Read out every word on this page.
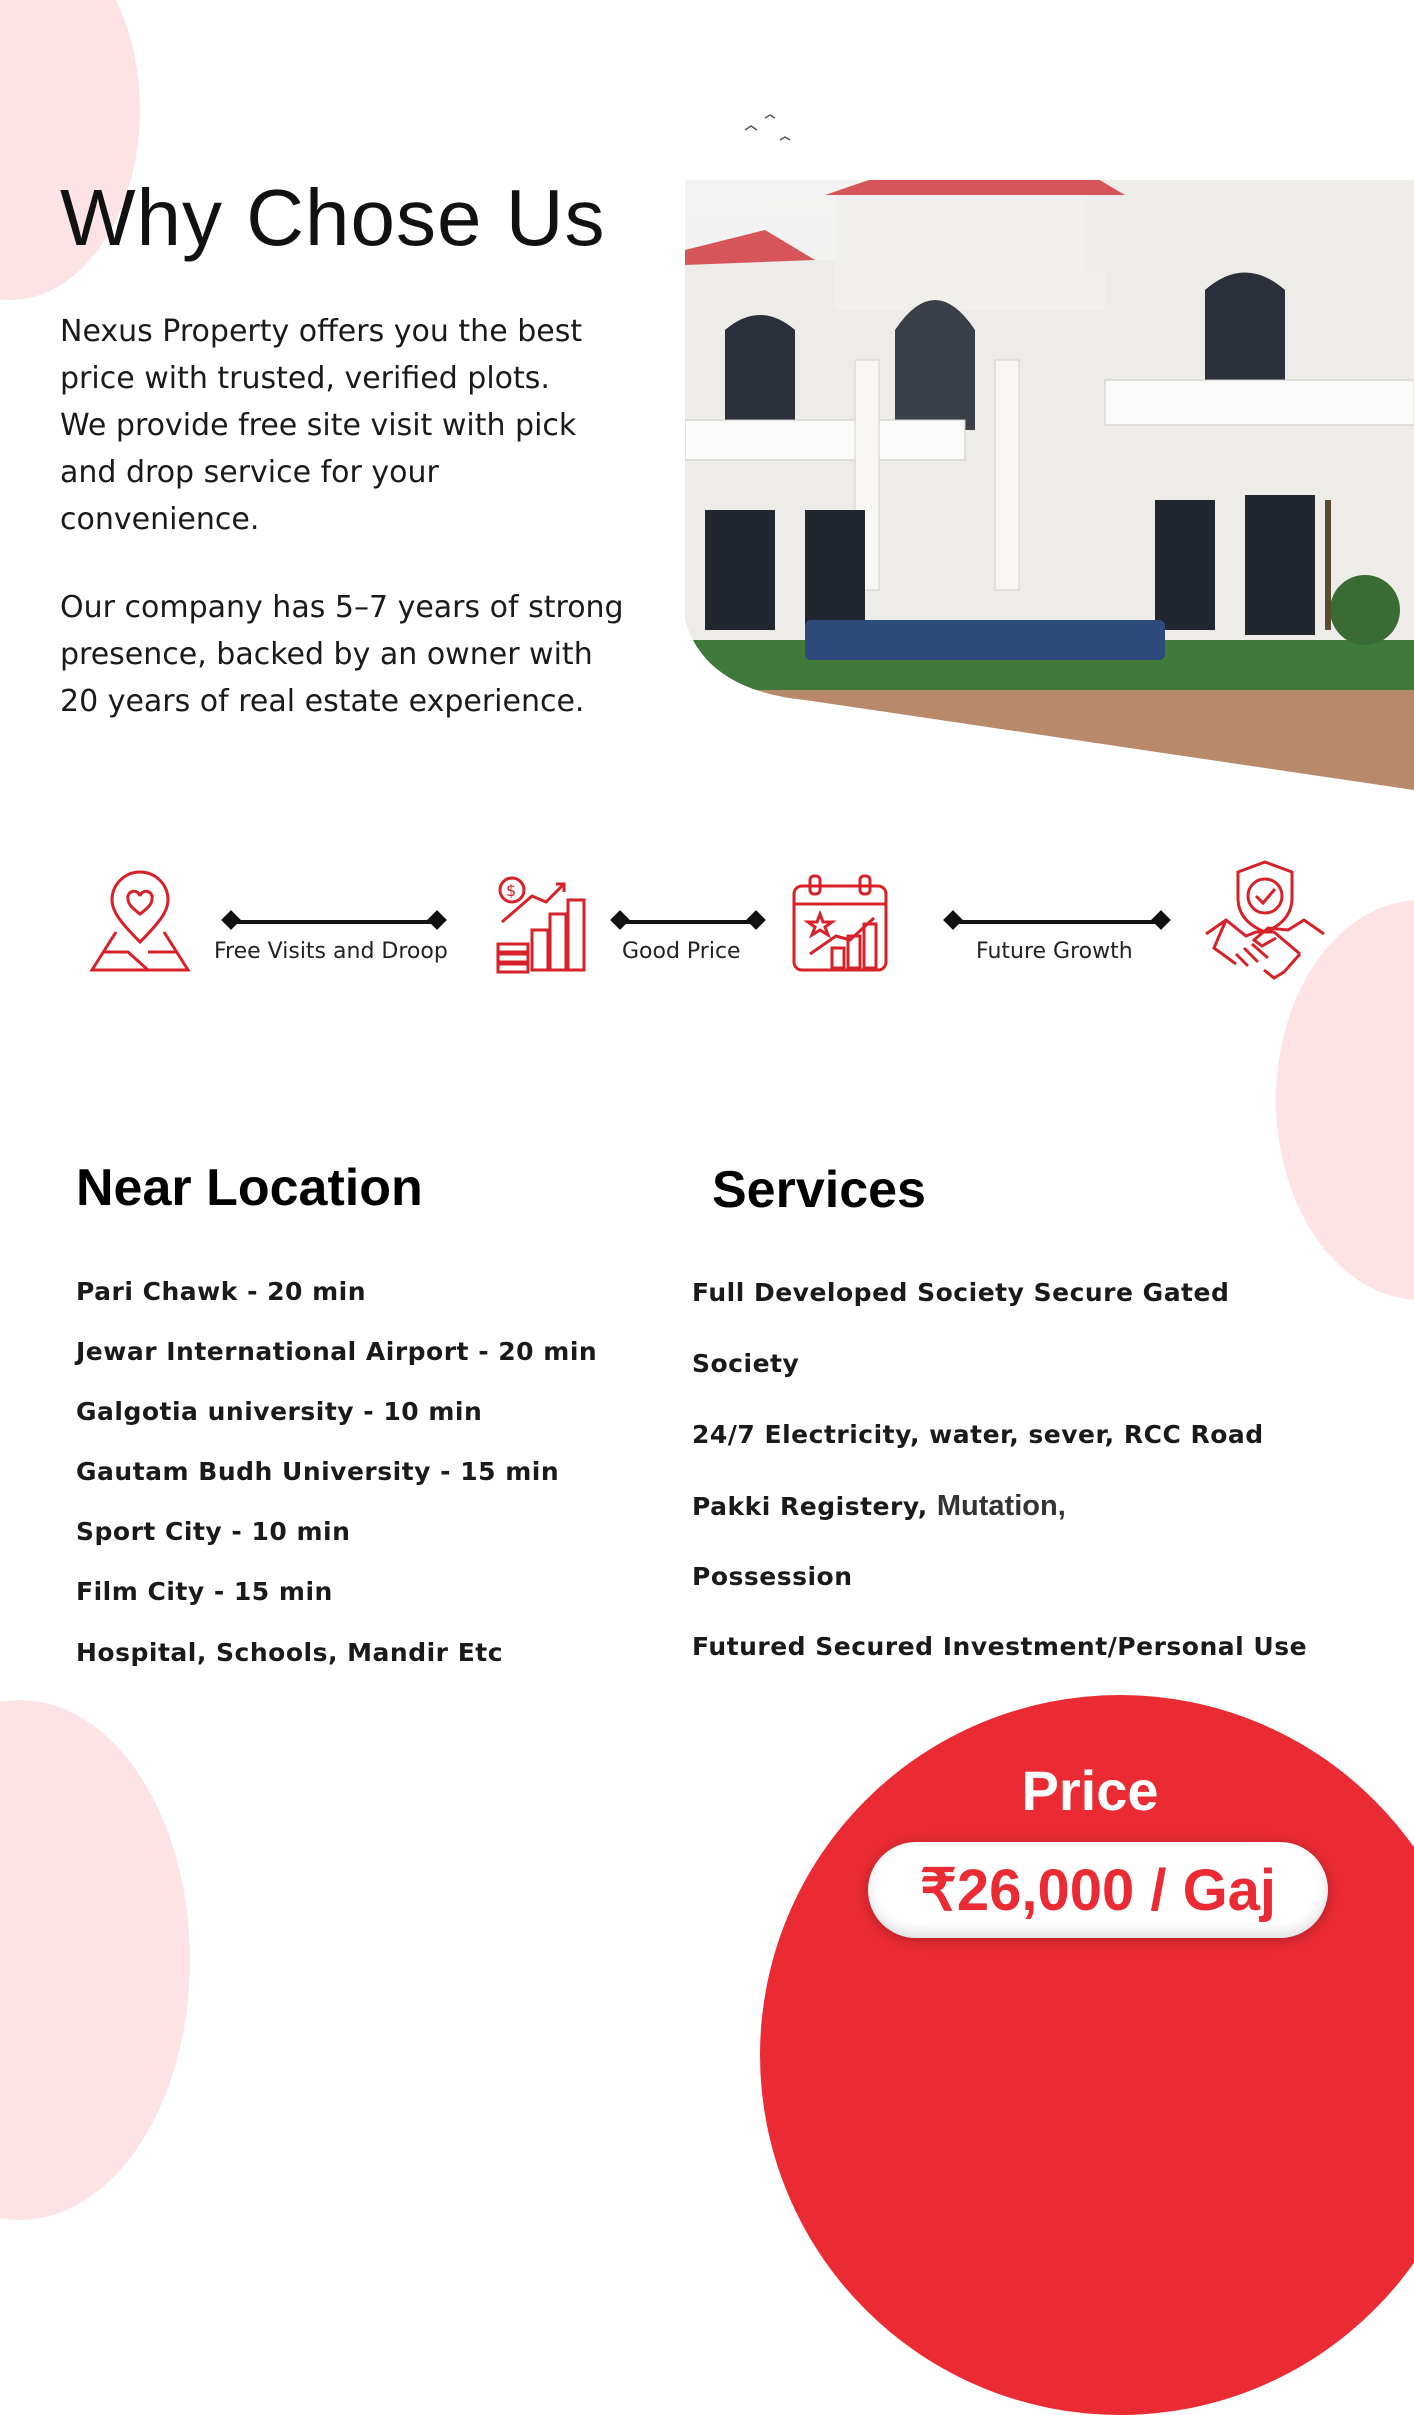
Why Chose Us

Nexus Property offers you the best
price with trusted, verified plots.
We provide free site visit with pick
and drop service for your
convenience.

Our company has 5–7 years of strong
presence, backed by an owner with
20 years of real estate experience.

Free Visits and Droop
$
Good Price	Future Growth
Near Location
Pari Chawk - 20 min
Jewar International Airport - 20 min
Galgotia university - 10 min
Gautam Budh University - 15 min
Sport City - 10 min
Film City - 15 min
Hospital, Schools, Mandir Etc
Services
Full Developed Society Secure Gated
Society
24/7 Electricity, water, sever, RCC Road
Pakki Registery, Mutation,
Possession
Futured Secured Investment/Personal Use
Price
₹26,000 / Gaj
